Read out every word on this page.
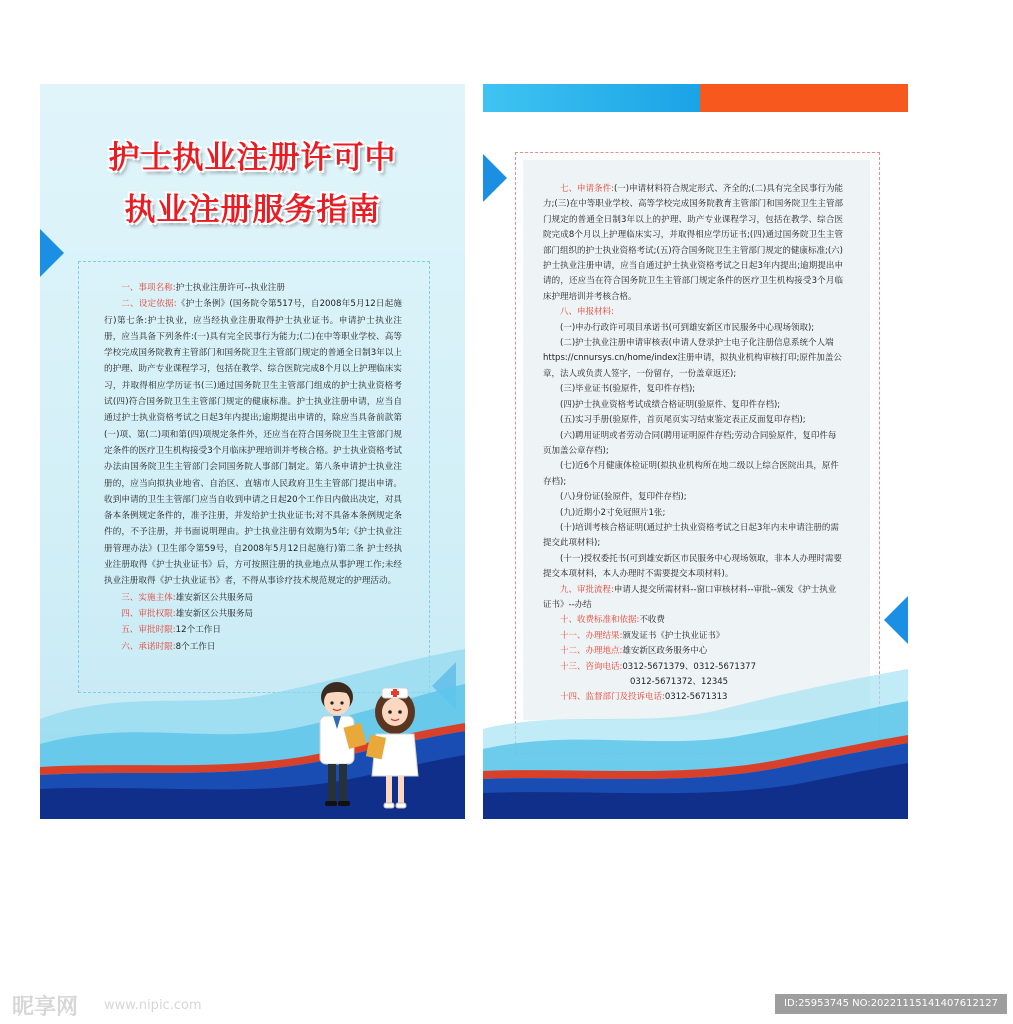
护士执业注册许可中
执业注册服务指南

一、事项名称:护士执业注册许可--执业注册

二、设定依据:《护士条例》(国务院令第517号，自2008年5月12日起施行)第七条:护士执业，应当经执业注册取得护士执业证书。申请护士执业注册，应当具备下列条件:(一)具有完全民事行为能力;(二)在中等职业学校、高等学校完成国务院教育主管部门和国务院卫生主管部门规定的普通全日制3年以上的护理、助产专业课程学习，包括在教学、综合医院完成8个月以上护理临床实习，并取得相应学历证书(三)通过国务院卫生主管部门组成的护士执业资格考试(四)符合国务院卫生主管部门规定的健康标准。护士执业注册申请，应当自通过护士执业资格考试之日起3年内提出;逾期提出申请的，除应当具备前款第(一)项、第(二)项和第(四)项规定条件外，还应当在符合国务院卫生主管部门规定条件的医疗卫生机构接受3个月临床护理培训并考核合格。护士执业资格考试办法由国务院卫生主管部门会同国务院人事部门制定。第八条申请护士执业注册的，应当向拟执业地省、自治区、直辖市人民政府卫生主管部门提出申请。收到申请的卫生主管部门应当自收到申请之日起20个工作日内做出决定，对具备本条例规定条件的，准予注册，并发给护士执业证书;对不具备本条例规定条件的，不予注册，并书面说明理由。护士执业注册有效期为5年;《护士执业注册管理办法》(卫生部令第59号，自2008年5月12日起施行)第二条 护士经执业注册取得《护士执业证书》后，方可按照注册的执业地点从事护理工作;未经执业注册取得《护士执业证书》者，不得从事诊疗技术规范规定的护理活动。

三、实施主体:雄安新区公共服务局

四、审批权限:雄安新区公共服务局

五、审批时限:12个工作日

六、承诺时限:8个工作日

七、申请条件:(一)申请材料符合规定形式、齐全的;(二)具有完全民事行为能力;(三)在中等职业学校、高等学校完成国务院教育主管部门和国务院卫生主管部门规定的普通全日制3年以上的护理、助产专业课程学习，包括在教学、综合医院完成8个月以上护理临床实习，并取得相应学历证书;(四)通过国务院卫生主管部门组织的护士执业资格考试;(五)符合国务院卫生主管部门规定的健康标准;(六)护士执业注册申请，应当自通过护士执业资格考试之日起3年内提出;逾期提出申请的，还应当在符合国务院卫生主管部门规定条件的医疗卫生机构接受3个月临床护理培训并考核合格。

八、申报材料:

(一)申办行政许可项目承诺书(可到雄安新区市民服务中心现场领取);

(二)护士执业注册申请审核表(申请人登录护士电子化注册信息系统个人端https://cnnursys.cn/home/index注册申请，拟执业机构审核打印;原件加盖公章，法人或负责人签字，一份留存，一份盖章返还);

(三)毕业证书(验原件，复印件存档);

(四)护士执业资格考试成绩合格证明(验原件、复印件存档);

(五)实习手册(验原件，首页尾页实习结束鉴定表正反面复印存档);

(六)聘用证明或者劳动合同(聘用证明原件存档;劳动合同验原件，复印件每页加盖公章存档);

(七)近6个月健康体检证明(拟执业机构所在地二级以上综合医院出具，原件存档);

(八)身份证(验原件，复印件存档);

(九)近期小2寸免冠照片1张;

(十)培训考核合格证明(通过护士执业资格考试之日起3年内未申请注册的需提交此项材料);

(十一)授权委托书(可到雄安新区市民服务中心现场领取，非本人办理时需要提交本项材料，本人办理时不需要提交本项材料)。

九、审批流程:申请人提交所需材料--窗口审核材料--审批--颁发《护士执业证书》--办结

十、收费标准和依据:不收费

十一、办理结果:颁发证书《护士执业证书》

十二、办理地点:雄安新区政务服务中心

十三、咨询电话:0312-5671379、0312-5671377

0312-5671372、12345

十四、监督部门及投诉电话:0312-5671313

昵享网 www.nipic.com	ID:25953745 NO:20221115141407612127
